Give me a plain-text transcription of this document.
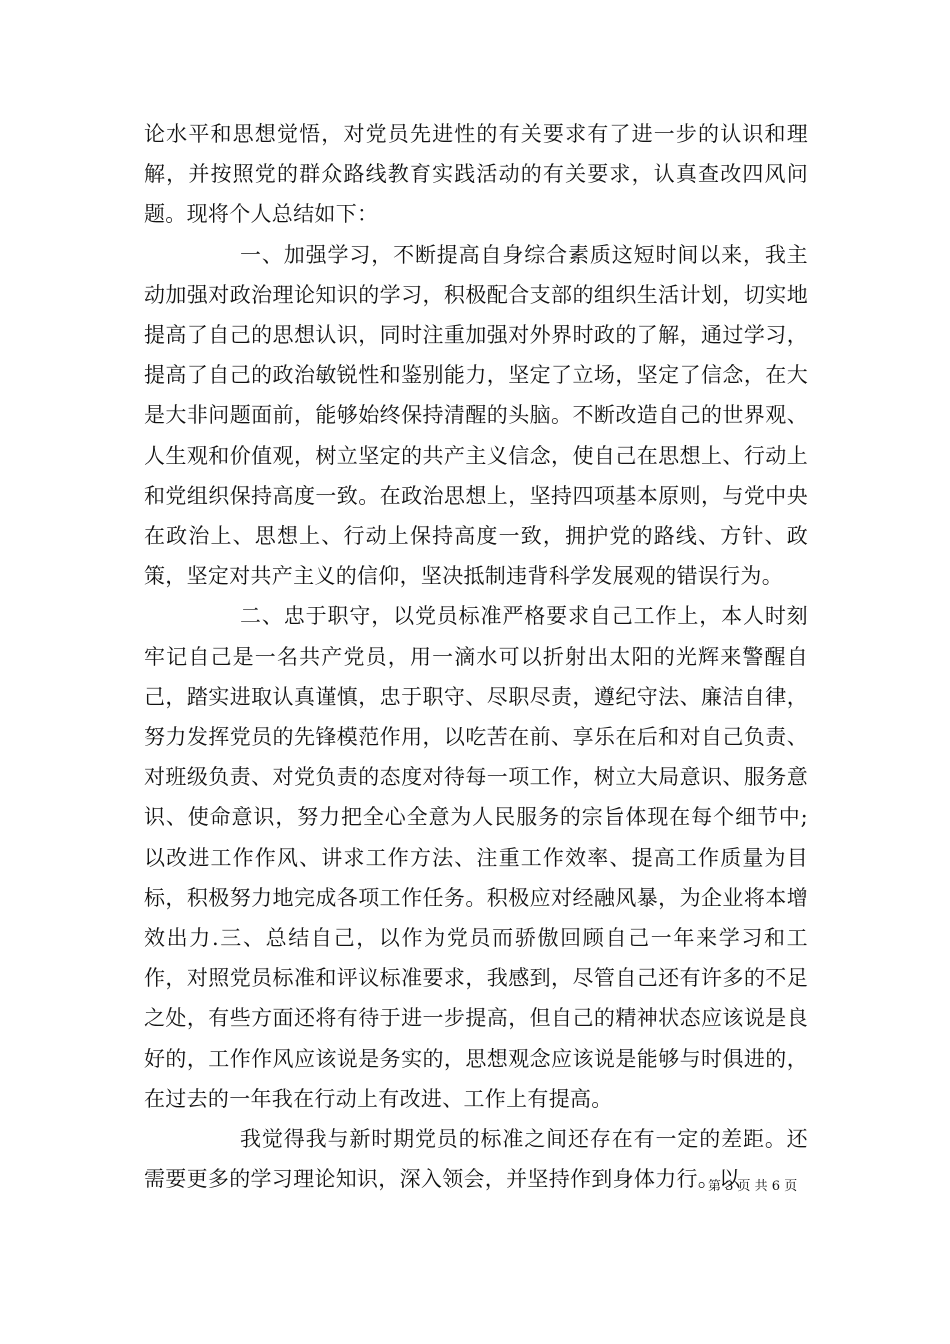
论水平和思想觉悟，对党员先进性的有关要求有了进一步的认识和理解，并按照党的群众路线教育实践活动的有关要求，认真查改四风问题。现将个人总结如下：

一、加强学习，不断提高自身综合素质这短时间以来，我主动加强对政治理论知识的学习，积极配合支部的组织生活计划，切实地提高了自己的思想认识，同时注重加强对外界时政的了解，通过学习，提高了自己的政治敏锐性和鉴别能力，坚定了立场，坚定了信念，在大是大非问题面前，能够始终保持清醒的头脑。不断改造自己的世界观、人生观和价值观，树立坚定的共产主义信念，使自己在思想上、行动上和党组织保持高度一致。在政治思想上，坚持四项基本原则，与党中央在政治上、思想上、行动上保持高度一致，拥护党的路线、方针、政策，坚定对共产主义的信仰，坚决抵制违背科学发展观的错误行为。

二、忠于职守，以党员标准严格要求自己工作上，本人时刻牢记自己是一名共产党员，用一滴水可以折射出太阳的光辉来警醒自己，踏实进取认真谨慎，忠于职守、尽职尽责，遵纪守法、廉洁自律，努力发挥党员的先锋模范作用，以吃苦在前、享乐在后和对自己负责、对班级负责、对党负责的态度对待每一项工作，树立大局意识、服务意识、使命意识，努力把全心全意为人民服务的宗旨体现在每个细节中;以改进工作作风、讲求工作方法、注重工作效率、提高工作质量为目标，积极努力地完成各项工作任务。积极应对经融风暴，为企业将本增效出力.三、总结自己，以作为党员而骄傲回顾自己一年来学习和工作，对照党员标准和评议标准要求，我感到，尽管自己还有许多的不足之处，有些方面还将有待于进一步提高，但自己的精神状态应该说是良好的，工作作风应该说是务实的，思想观念应该说是能够与时俱进的，在过去的一年我在行动上有改进、工作上有提高。

我觉得我与新时期党员的标准之间还存在有一定的差距。还需要更多的学习理论知识，深入领会，并坚持作到身体力行。以

第 3 页 共 6 页
